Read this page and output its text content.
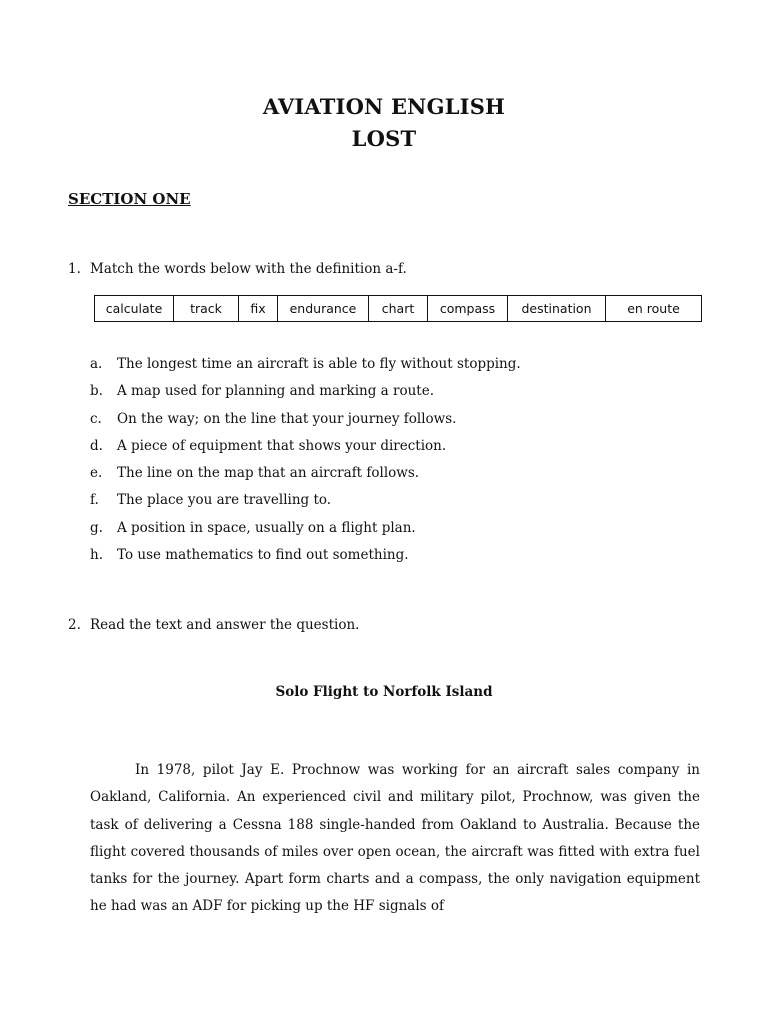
AVIATION ENGLISH
LOST
SECTION ONE
1. Match the words below with the definition a-f.
calculate	track	fix	endurance	chart	compass	destination	en route
a. The longest time an aircraft is able to fly without stopping.
b. A map used for planning and marking a route.
c. On the way; on the line that your journey follows.
d. A piece of equipment that shows your direction.
e. The line on the map that an aircraft follows.
f. The place you are travelling to.
g. A position in space, usually on a flight plan.
h. To use mathematics to find out something.
2. Read the text and answer the question.
Solo Flight to Norfolk Island

In 1978, pilot Jay E. Prochnow was working for an aircraft sales company in Oakland, California. An experienced civil and military pilot, Prochnow, was given the task of delivering a Cessna 188 single-handed from Oakland to Australia. Because the flight covered thousands of miles over open ocean, the aircraft was fitted with extra fuel tanks for the journey. Apart form charts and a compass, the only navigation equipment he had was an ADF for picking up the HF signals of
